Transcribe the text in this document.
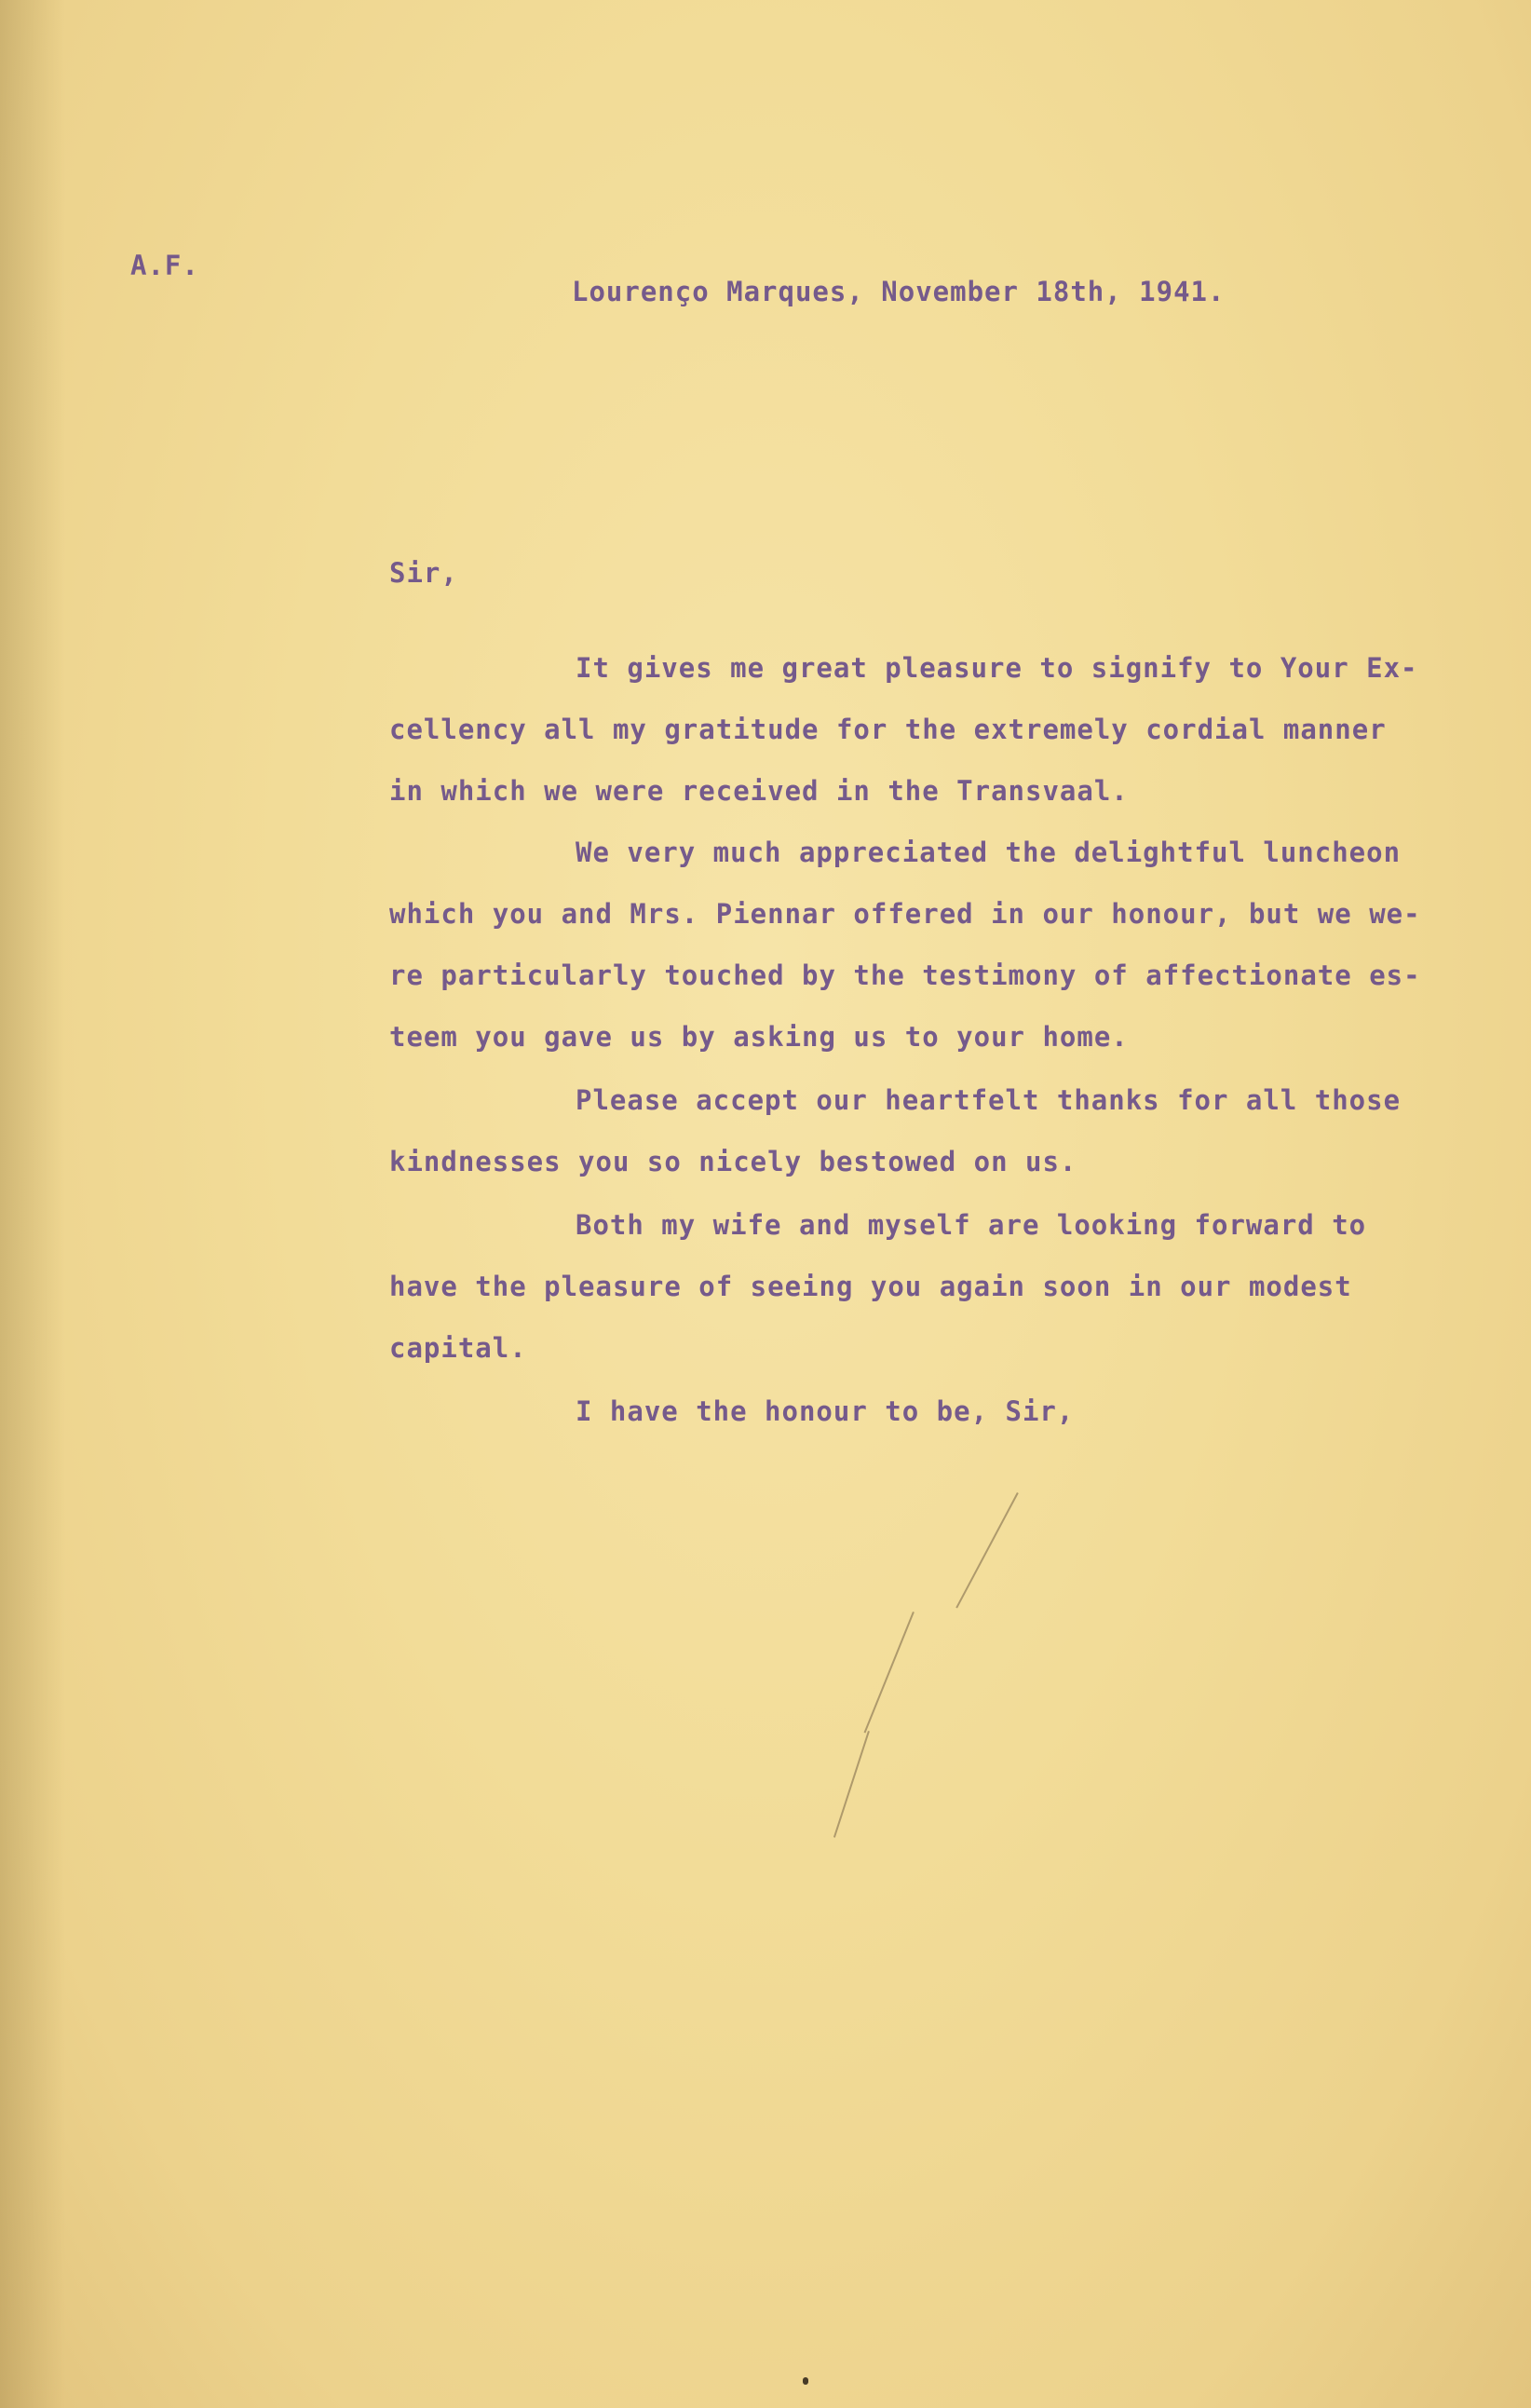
A.F.
Lourenço Marques, November 18th, 1941.
Sir,
It gives me great pleasure to signify to Your Ex-
cellency all my gratitude for the extremely cordial manner
in which we were received in the Transvaal.
We very much appreciated the delightful luncheon
which you and Mrs. Piennar offered in our honour, but we we-
re particularly touched by the testimony of affectionate es-
teem you gave us by asking us to your home.
Please accept our heartfelt thanks for all those
kindnesses you so nicely bestowed on us.
Both my wife and myself are looking forward to
have the pleasure of seeing you again soon in our modest
capital.
I have the honour to be, Sir,
